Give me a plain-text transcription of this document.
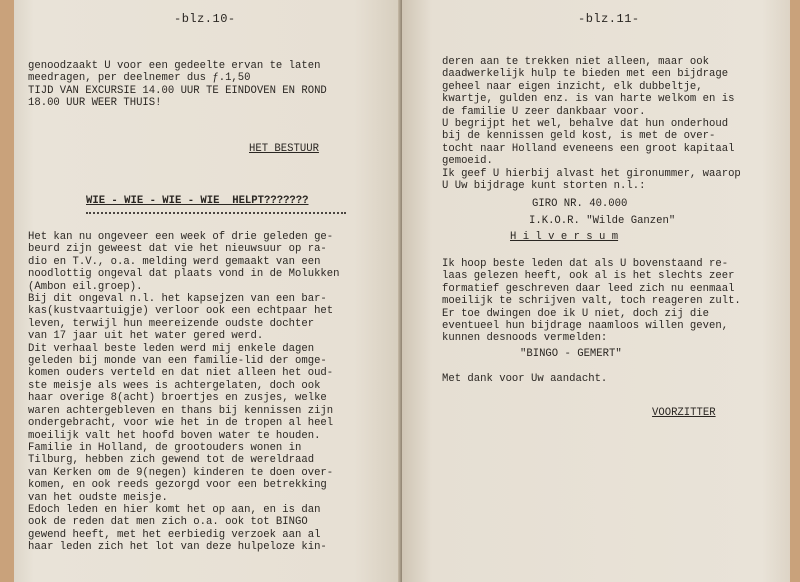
-blz.10-
genoodzaakt U voor een gedeelte ervan te laten
meedragen, per deelnemer dus ƒ.1,50
TIJD VAN EXCURSIE 14.00 UUR TE EINDOVEN EN ROND
18.00 UUR WEER THUIS!
HET BESTUUR
WIE - WIE - WIE - WIE  HELPT???????
Het kan nu ongeveer een week of drie geleden ge-
beurd zijn geweest dat vie het nieuwsuur op ra-
dio en T.V., o.a. melding werd gemaakt van een
noodlottig ongeval dat plaats vond in de Molukken
(Ambon eil.groep).
Bij dit ongeval n.l. het kapsejzen van een bar-
kas(kustvaartuigje) verloor ook een echtpaar het
leven, terwijl hun meereizende oudste dochter
van 17 jaar uit het water gered werd.
Dit verhaal beste leden werd mij enkele dagen
geleden bij monde van een familie-lid der omge-
komen ouders verteld en dat niet alleen het oud-
ste meisje als wees is achtergelaten, doch ook
haar overige 8(acht) broertjes en zusjes, welke
waren achtergebleven en thans bij kennissen zijn
ondergebracht, voor wie het in de tropen al heel
moeilijk valt het hoofd boven water te houden.
Familie in Holland, de grootouders wonen in
Tilburg, hebben zich gewend tot de wereldraad
van Kerken om de 9(negen) kinderen te doen over-
komen, en ook reeds gezorgd voor een betrekking
van het oudste meisje.
Edoch leden en hier komt het op aan, en is dan
ook de reden dat men zich o.a. ook tot BINGO
gewend heeft, met het eerbiedig verzoek aan al
haar leden zich het lot van deze hulpeloze kin-
-blz.11-
deren aan te trekken niet alleen, maar ook
daadwerkelijk hulp te bieden met een bijdrage
geheel naar eigen inzicht, elk dubbeltje,
kwartje, gulden enz. is van harte welkom en is
de familie U zeer dankbaar voor.
U begrijpt het wel, behalve dat hun onderhoud
bij de kennissen geld kost, is met de over-
tocht naar Holland eveneens een groot kapitaal
gemoeid.
Ik geef U hierbij alvast het gironummer, waarop
U Uw bijdrage kunt storten n.l.:
GIRO NR. 40.000
I.K.O.R. "Wilde Ganzen"
H i l v e r s u m
Ik hoop beste leden dat als U bovenstaand re-
laas gelezen heeft, ook al is het slechts zeer
formatief geschreven daar leed zich nu eenmaal
moeilijk te schrijven valt, toch reageren zult.
Er toe dwingen doe ik U niet, doch zij die
eventueel hun bijdrage naamloos willen geven,
kunnen desnoods vermelden:
"BINGO - GEMERT"
Met dank voor Uw aandacht.
VOORZITTER
